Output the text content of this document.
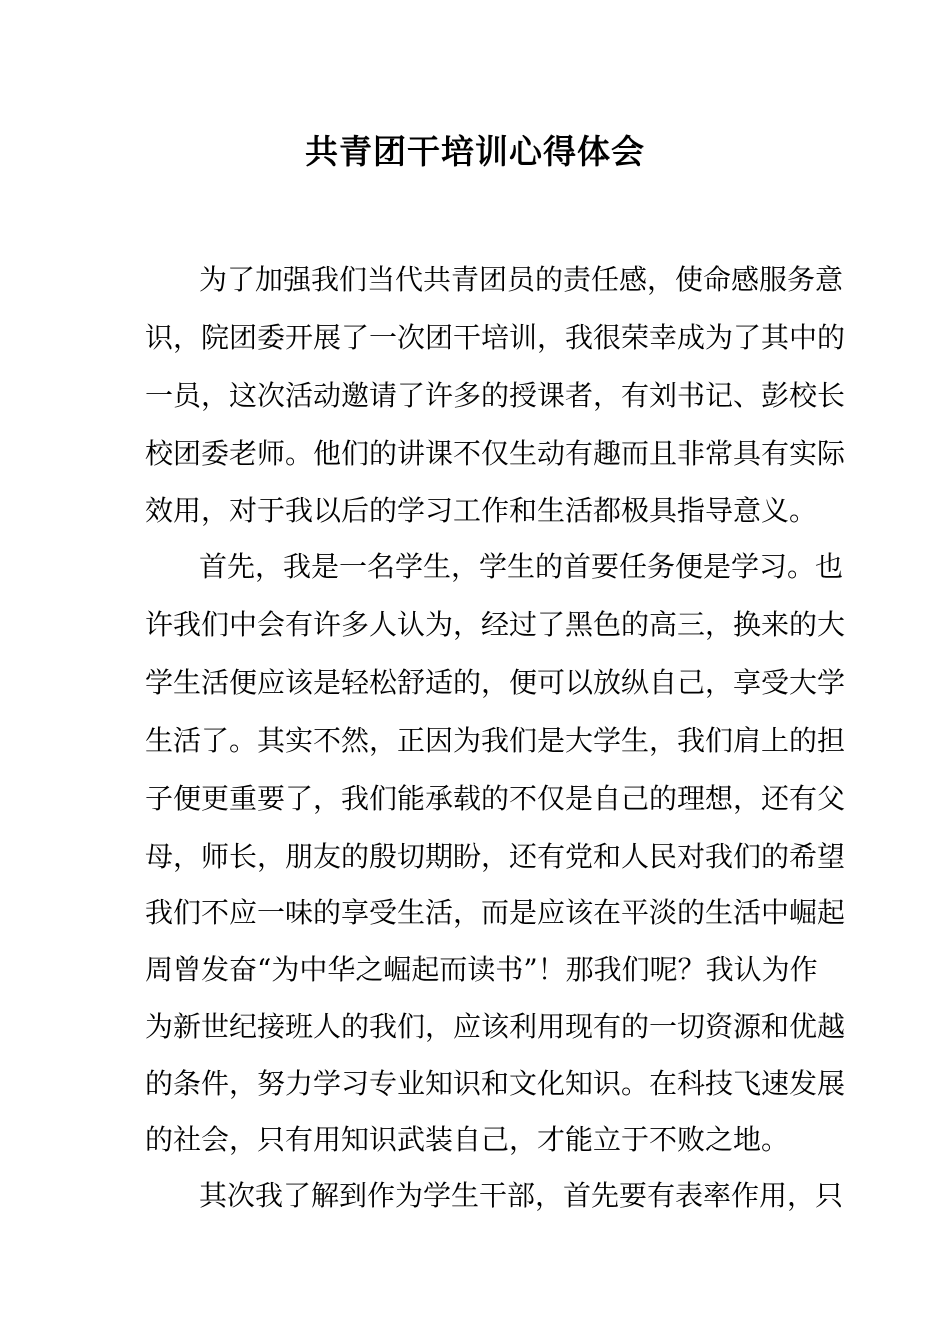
共青团干培训心得体会
为了加强我们当代共青团员的责任感，使命感服务意
识，院团委开展了一次团干培训，我很荣幸成为了其中的
一员，这次活动邀请了许多的授课者，有刘书记、彭校长
校团委老师。他们的讲课不仅生动有趣而且非常具有实际
效用，对于我以后的学习工作和生活都极具指导意义。
首先，我是一名学生，学生的首要任务便是学习。也
许我们中会有许多人认为，经过了黑色的高三，换来的大
学生活便应该是轻松舒适的，便可以放纵自己，享受大学
生活了。其实不然，正因为我们是大学生，我们肩上的担
子便更重要了，我们能承载的不仅是自己的理想，还有父
母，师长，朋友的殷切期盼，还有党和人民对我们的希望
我们不应一味的享受生活，而是应该在平淡的生活中崛起
周曾发奋“为中华之崛起而读书”！那我们呢？我认为作
为新世纪接班人的我们，应该利用现有的一切资源和优越
的条件，努力学习专业知识和文化知识。在科技飞速发展
的社会，只有用知识武装自己，才能立于不败之地。
其次我了解到作为学生干部，首先要有表率作用，只
